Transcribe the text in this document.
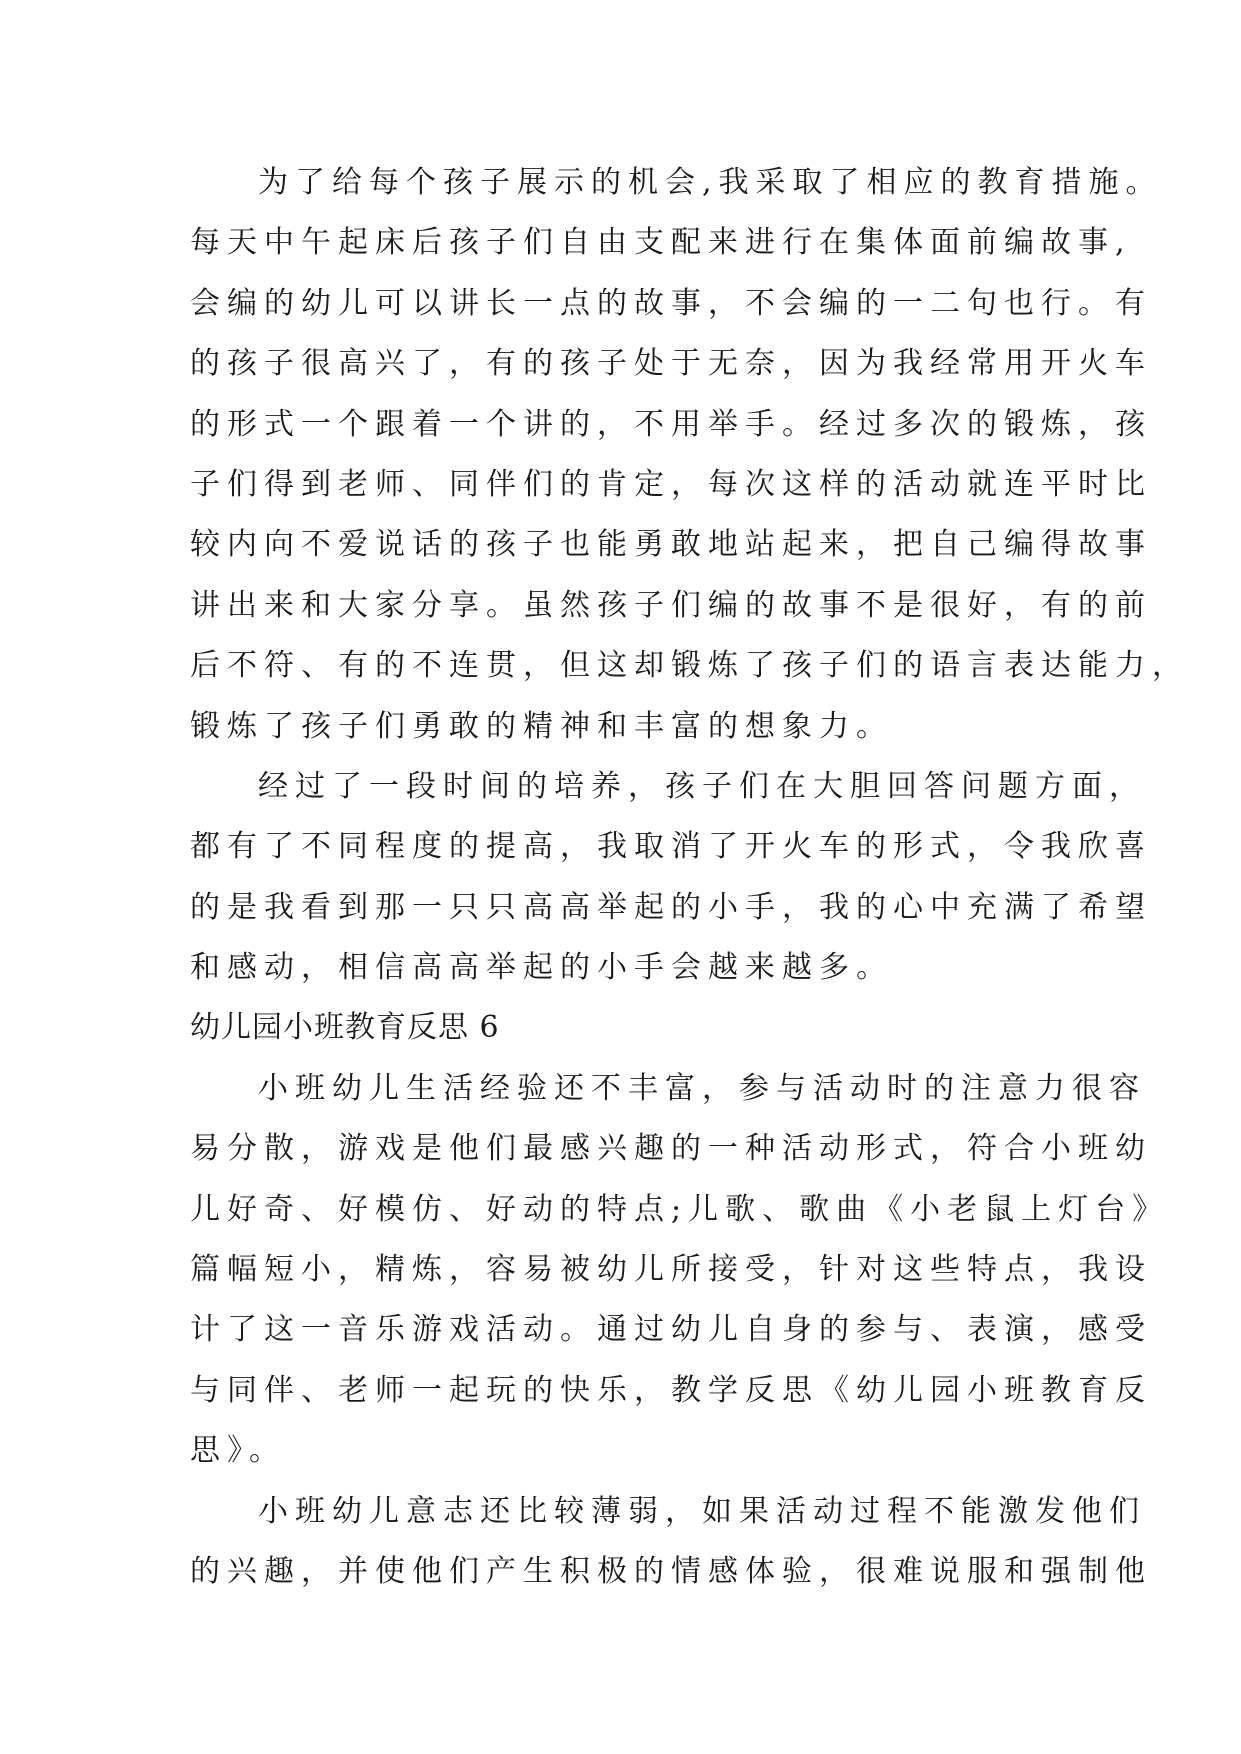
为了给每个孩子展示的机会,我采取了相应的教育措施。
每天中午起床后孩子们自由支配来进行在集体面前编故事,
会编的幼儿可以讲长一点的故事，不会编的一二句也行。有
的孩子很高兴了，有的孩子处于无奈，因为我经常用开火车
的形式一个跟着一个讲的，不用举手。经过多次的锻炼，孩
子们得到老师、同伴们的肯定，每次这样的活动就连平时比
较内向不爱说话的孩子也能勇敢地站起来，把自己编得故事
讲出来和大家分享。虽然孩子们编的故事不是很好，有的前
后不符、有的不连贯，但这却锻炼了孩子们的语言表达能力，
锻炼了孩子们勇敢的精神和丰富的想象力。
经过了一段时间的培养，孩子们在大胆回答问题方面，
都有了不同程度的提高，我取消了开火车的形式，令我欣喜
的是我看到那一只只高高举起的小手，我的心中充满了希望
和感动，相信高高举起的小手会越来越多。
幼儿园小班教育反思 6
小班幼儿生活经验还不丰富，参与活动时的注意力很容
易分散，游戏是他们最感兴趣的一种活动形式，符合小班幼
儿好奇、好模仿、好动的特点;儿歌、歌曲《小老鼠上灯台》
篇幅短小，精炼，容易被幼儿所接受，针对这些特点，我设
计了这一音乐游戏活动。通过幼儿自身的参与、表演，感受
与同伴、老师一起玩的快乐，教学反思《幼儿园小班教育反
思》。
小班幼儿意志还比较薄弱，如果活动过程不能激发他们
的兴趣，并使他们产生积极的情感体验，很难说服和强制他
